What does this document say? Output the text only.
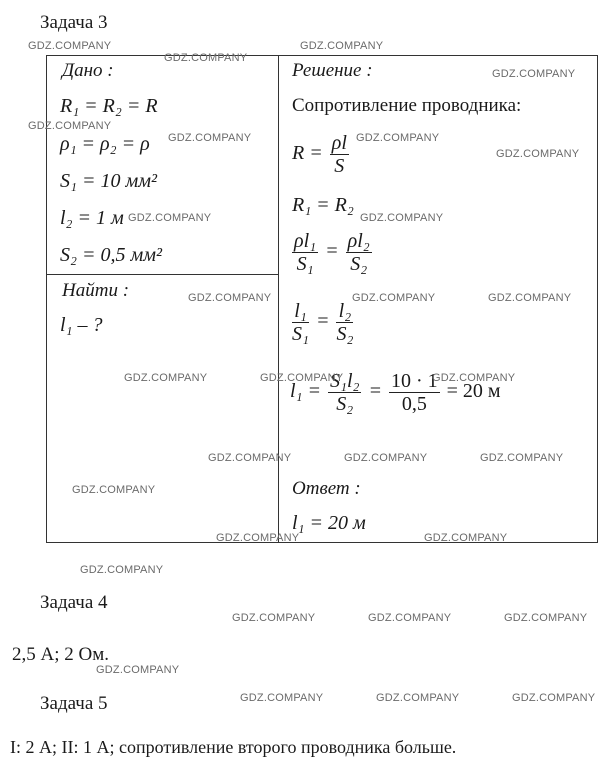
Задача 3
Дано :
R₁ = R₂ = R
ρ₁ = ρ₂ = ρ
S₁ = 10 мм²
l₂ = 1 м
S₂ = 0,5 мм²
Найти :
l₁ – ?
Решение :
Сопротивление проводника:
$R = \frac{\rho l}{S}$
R₁ = R₂
$\frac{\text{ρl₁}}{\text{S₁}} = \frac{\text{ρl₂}}{\text{S₂}}$
$\frac{\text{l₁}}{\text{S₁}} = \frac{\text{l₂}}{\text{S₂}}$
$l_1 = \frac{\text{S₁l₂}}{\text{S₂}} = \frac{10 \cdot 1}{0,5} = 20$ м
Ответ :
l₁ = 20 м
Задача 4
2,5 А; 2 Ом.
Задача 5
I: 2 А; II: 1 А; сопротивление второго проводника больше.
GDZ.COMPANY	GDZ.COMPANY
GDZ.COMPANY
GDZ.COMPANY
GDZ.COMPANY
GDZ.COMPANY	GDZ.COMPANY
GDZ.COMPANY
GDZ.COMPANY	GDZ.COMPANY
GDZ.COMPANY	GDZ.COMPANY	GDZ.COMPANY
GDZ.COMPANY	GDZ.COMPANY	GDZ.COMPANY
GDZ.COMPANY	GDZ.COMPANY	GDZ.COMPANY
GDZ.COMPANY
GDZ.COMPANY	GDZ.COMPANY
GDZ.COMPANY
GDZ.COMPANY	GDZ.COMPANY	GDZ.COMPANY
GDZ.COMPANY
GDZ.COMPANY	GDZ.COMPANY	GDZ.COMPANY
